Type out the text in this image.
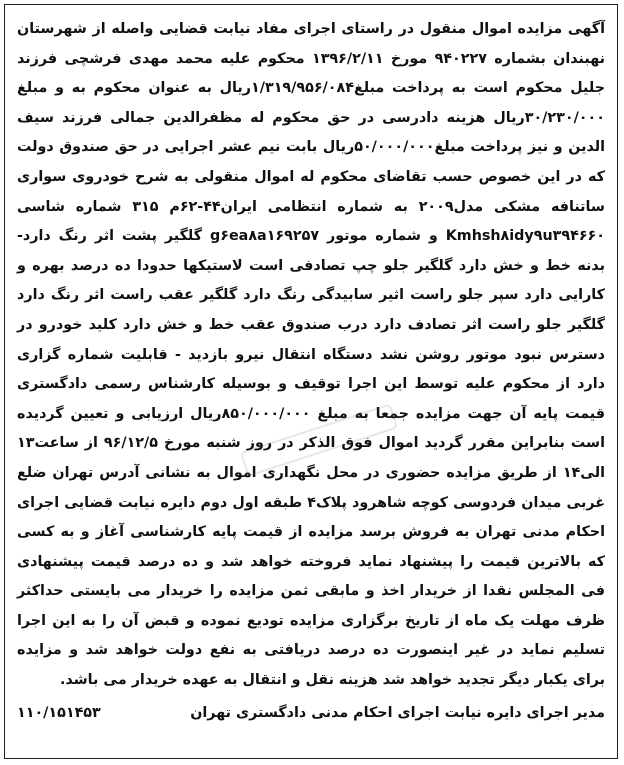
آگهی مزایده اموال منقول در راستای اجرای مفاد نیابت قضایی واصله از شهرستان نهبندان بشماره ۹۴۰۲۲۷ مورخ ۱۳۹۶/۲/۱۱ محکوم علیه محمد مهدی فرشچی فرزند جلیل محکوم است به پرداخت مبلغ۱/۳۱۹/۹۵۶/۰۸۴ریال به عنوان محکوم به و مبلغ ۳۰/۲۳۰/۰۰۰ریال هزینه دادرسی در حق محکوم له مظفرالدین جمالی فرزند سیف الدین و نیز پرداخت مبلغ۵۰/۰۰۰/۰۰۰ریال بابت نیم عشر اجرایی در حق صندوق دولت که در این خصوص حسب تقاضای محکوم له اموال منقولی به شرح خودروی سواری ساتنافه مشکی مدل۲۰۰۹ به شماره انتظامی ایران۴۴-۶۲م ۳۱۵ شماره شاسی Kmhsh۸idy۹u۳۹۴۶۶۰ و شماره موتور g۶ea۸a۱۶۹۲۵۷ گلگیر پشت اثر رنگ دارد- بدنه خط و خش دارد گلگیر جلو چپ تصادفی است لاستیکها حدودا ده درصد بهره و کارایی دارد سپر جلو راست اثیر سابیدگی رنگ دارد گلگیر عقب راست اثر رنگ دارد گلگیر جلو راست اثر تصادف دارد درب صندوق عقب خط و خش دارد کلید خودرو در دسترس نبود موتور روشن نشد دستگاه انتقال نیرو بازدید - قابلیت شماره گزاری دارد از محکوم علیه توسط این اجرا توقیف و بوسیله کارشناس رسمی دادگستری قیمت پایه آن جهت مزایده جمعا به مبلغ ۸۵۰/۰۰۰/۰۰۰ریال ارزیابی و تعیین گردیده است بنابراین مقرر گردید اموال فوق الذکر در روز شنبه مورخ ۹۶/۱۲/۵ از ساعت۱۳ الی۱۴ از طریق مزایده حضوری در محل نگهداری اموال به نشانی آدرس تهران ضلع غربی میدان فردوسی کوچه شاهرود پلاک۴ طبقه اول دوم دایره نیابت قضایی اجرای احکام مدنی تهران به فروش برسد مزایده از قیمت پایه کارشناسی آغاز و به کسی که بالاترین قیمت را پیشنهاد نماید فروخته خواهد شد و ده درصد قیمت پیشنهادی فی المجلس نقدا از خریدار اخذ و مابقی ثمن مزایده را خریدار می بایستی حداکثر ظرف مهلت یک ماه از تاریخ برگزاری مزایده تودیع نموده و قبض آن را به این اجرا تسلیم نماید در غیر اینصورت ده درصد دریافتی به نفع دولت خواهد شد و مزایده برای یکبار دیگر تجدید خواهد شد هزینه نقل و انتقال به عهده خریدار می باشد.

مدیر اجرای دایره نیابت اجرای احکام مدنی دادگستری تهران
۱۱۰/۱۵۱۴۵۳
